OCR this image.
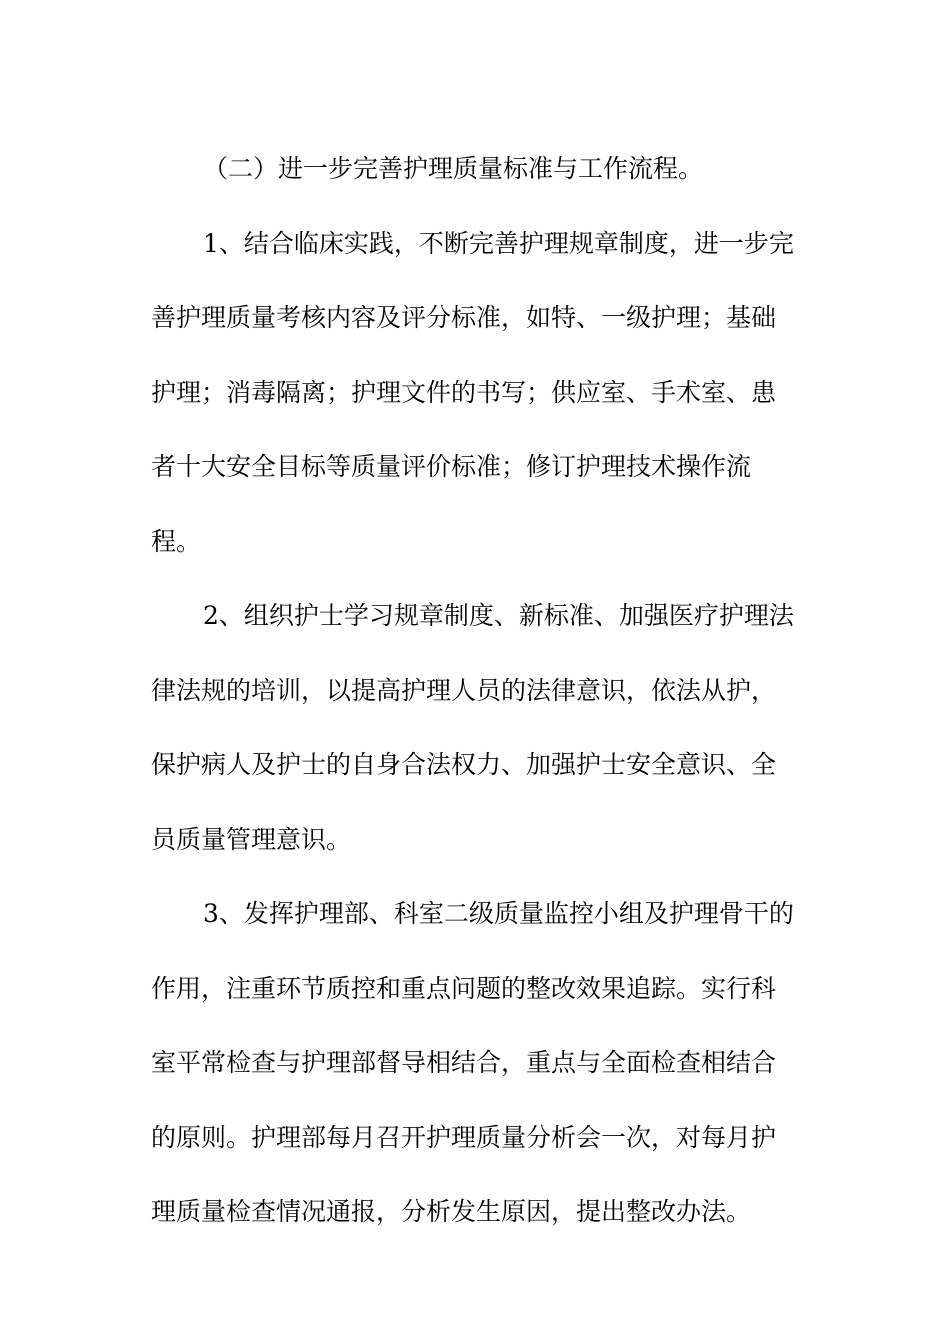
（二）进一步完善护理质量标准与工作流程。
1、结合临床实践，不断完善护理规章制度，进一步完
善护理质量考核内容及评分标准，如特、一级护理；基础
护理；消毒隔离；护理文件的书写；供应室、手术室、患
者十大安全目标等质量评价标准；修订护理技术操作流
程。
2、组织护士学习规章制度、新标准、加强医疗护理法
律法规的培训，以提高护理人员的法律意识，依法从护，
保护病人及护士的自身合法权力、加强护士安全意识、全
员质量管理意识。
3、发挥护理部、科室二级质量监控小组及护理骨干的
作用，注重环节质控和重点问题的整改效果追踪。实行科
室平常检查与护理部督导相结合，重点与全面检查相结合
的原则。护理部每月召开护理质量分析会一次，对每月护
理质量检查情况通报，分析发生原因，提出整改办法。
